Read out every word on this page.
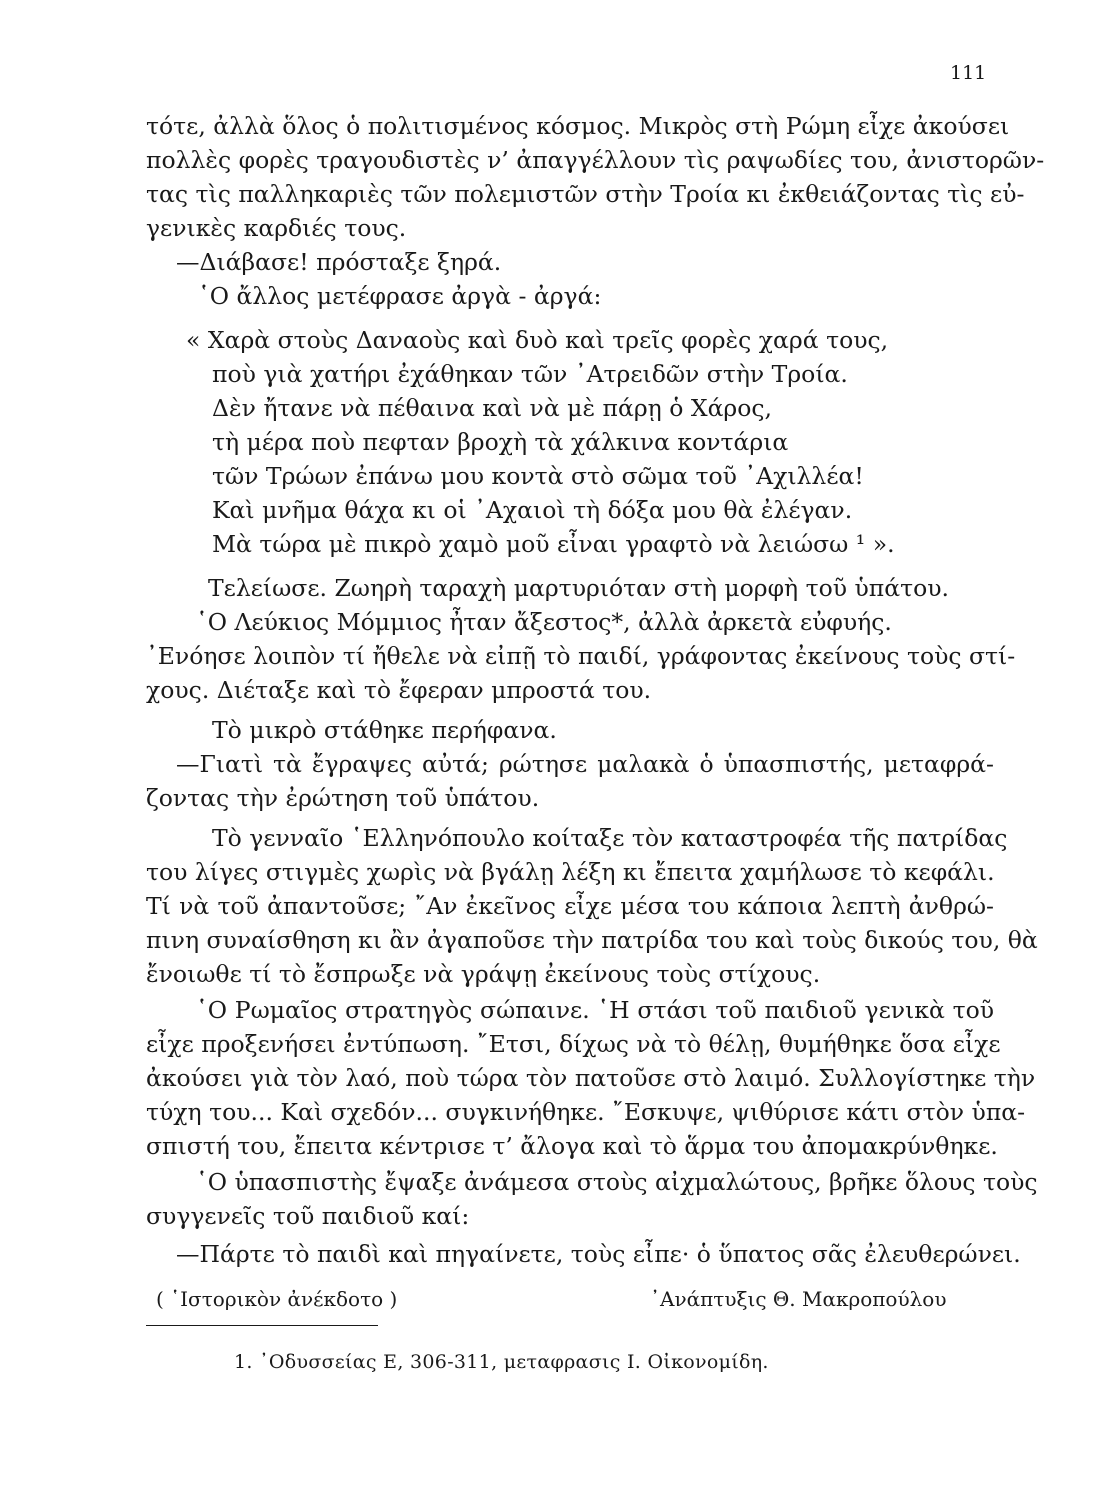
111
τότε, ἀλλὰ ὅλος ὁ πολιτισμένος κόσμος. Μικρὸς στὴ Ρώμη εἶχε ἀκούσει
πολλὲς φορὲς τραγουδιστὲς ν’ ἀπαγγέλλουν τὶς ραψωδίες του, ἀνιστορῶν-
τας τὶς παλληκαριὲς τῶν πολεμιστῶν στὴν Τροία κι ἐκθειάζοντας τὶς εὐ-
γενικὲς καρδιές τους.
—Διάβασε! πρόσταξε ξηρά.
῾Ο ἄλλος μετέφρασε ἀργὰ - ἀργά:
« Χαρὰ στοὺς Δαναοὺς καὶ δυὸ καὶ τρεῖς φορὲς χαρά τους,
ποὺ γιὰ χατήρι ἐχάθηκαν τῶν ᾿Ατρειδῶν στὴν Τροία.
Δὲν ἤτανε νὰ πέθαινα καὶ νὰ μὲ πάρῃ ὁ Χάρος,
τὴ μέρα ποὺ πεφταν βροχὴ τὰ χάλκινα κοντάρια
τῶν Τρώων ἐπάνω μου κοντὰ στὸ σῶμα τοῦ ᾿Αχιλλέα!
Καὶ μνῆμα θάχα κι οἱ ᾿Αχαιοὶ τὴ δόξα μου θὰ ἐλέγαν.
Μὰ τώρα μὲ πικρὸ χαμὸ μοῦ εἶναι γραφτὸ νὰ λειώσω ¹ ».
Τελείωσε. Ζωηρὴ ταραχὴ μαρτυριόταν στὴ μορφὴ τοῦ ὑπάτου.
῾Ο Λεύκιος Μόμμιος ἦταν ἄξεστος*, ἀλλὰ ἀρκετὰ εὐφυής.
᾿Ενόησε λοιπὸν τί ἤθελε νὰ εἰπῇ τὸ παιδί, γράφοντας ἐκείνους τοὺς στί-
χους. Διέταξε καὶ τὸ ἔφεραν μπροστά του.
Τὸ μικρὸ στάθηκε περήφανα.
—Γιατὶ τὰ ἔγραψες αὐτά; ρώτησε μαλακὰ ὁ ὑπασπιστής, μεταφρά-
ζοντας τὴν ἐρώτηση τοῦ ὑπάτου.
Τὸ γενναῖο ῾Ελληνόπουλο κοίταξε τὸν καταστροφέα τῆς πατρίδας
του λίγες στιγμὲς χωρὶς νὰ βγάλῃ λέξη κι ἔπειτα χαμήλωσε τὸ κεφάλι.
Τί νὰ τοῦ ἀπαντοῦσε; ῎Αν ἐκεῖνος εἶχε μέσα του κάποια λεπτὴ ἀνθρώ-
πινη συναίσθηση κι ἂν ἀγαποῦσε τὴν πατρίδα του καὶ τοὺς δικούς του, θὰ
ἔνοιωθε τί τὸ ἔσπρωξε νὰ γράψῃ ἐκείνους τοὺς στίχους.
῾Ο Ρωμαῖος στρατηγὸς σώπαινε. ῾Η στάσι τοῦ παιδιοῦ γενικὰ τοῦ
εἶχε προξενήσει ἐντύπωση. ῎Ετσι, δίχως νὰ τὸ θέλῃ, θυμήθηκε ὅσα εἶχε
ἀκούσει γιὰ τὸν λαό, ποὺ τώρα τὸν πατοῦσε στὸ λαιμό. Συλλογίστηκε τὴν
τύχη του... Καὶ σχεδόν... συγκινήθηκε. ῎Εσκυψε, ψιθύρισε κάτι στὸν ὑπα-
σπιστή του, ἔπειτα κέντρισε τ’ ἄλογα καὶ τὸ ἅρμα του ἀπομακρύνθηκε.
῾Ο ὑπασπιστὴς ἔψαξε ἀνάμεσα στοὺς αἰχμαλώτους, βρῆκε ὅλους τοὺς
συγγενεῖς τοῦ παιδιοῦ καί:
—Πάρτε τὸ παιδὶ καὶ πηγαίνετε, τοὺς εἶπε· ὁ ὕπατος σᾶς ἐλευθερώνει.
( ῾Ιστορικὸν ἀνέκδοτο )	᾿Ανάπτυξις Θ. Μακροπούλου
1. ᾿Οδυσσείας Ε, 306-311, μεταφρασις Ι. Οἰκονομίδη.
